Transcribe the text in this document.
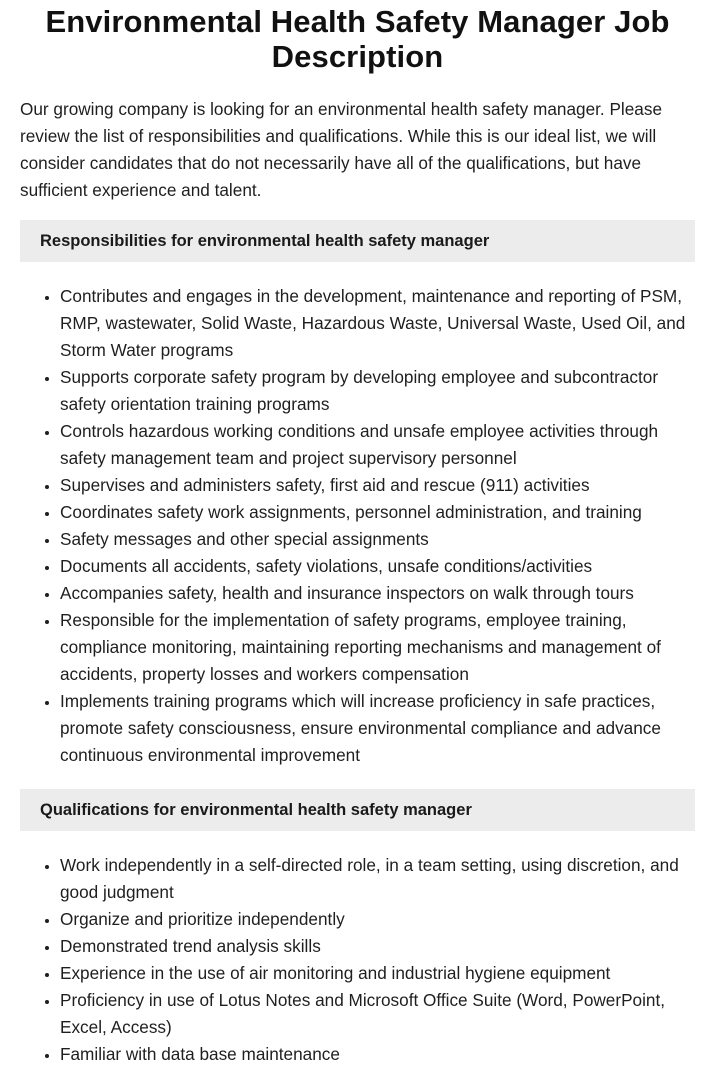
Environmental Health Safety Manager Job Description

Our growing company is looking for an environmental health safety manager. Please review the list of responsibilities and qualifications. While this is our ideal list, we will consider candidates that do not necessarily have all of the qualifications, but have sufficient experience and talent.

Responsibilities for environmental health safety manager
• Contributes and engages in the development, maintenance and reporting of PSM, RMP, wastewater, Solid Waste, Hazardous Waste, Universal Waste, Used Oil, and Storm Water programs
• Supports corporate safety program by developing employee and subcontractor safety orientation training programs
• Controls hazardous working conditions and unsafe employee activities through safety management team and project supervisory personnel
• Supervises and administers safety, first aid and rescue (911) activities
• Coordinates safety work assignments, personnel administration, and training
• Safety messages and other special assignments
• Documents all accidents, safety violations, unsafe conditions/activities
• Accompanies safety, health and insurance inspectors on walk through tours
• Responsible for the implementation of safety programs, employee training, compliance monitoring, maintaining reporting mechanisms and management of accidents, property losses and workers compensation
• Implements training programs which will increase proficiency in safe practices, promote safety consciousness, ensure environmental compliance and advance continuous environmental improvement
Qualifications for environmental health safety manager
• Work independently in a self-directed role, in a team setting, using discretion, and good judgment
• Organize and prioritize independently
• Demonstrated trend analysis skills
• Experience in the use of air monitoring and industrial hygiene equipment
• Proficiency in use of Lotus Notes and Microsoft Office Suite (Word, PowerPoint, Excel, Access)
• Familiar with data base maintenance
